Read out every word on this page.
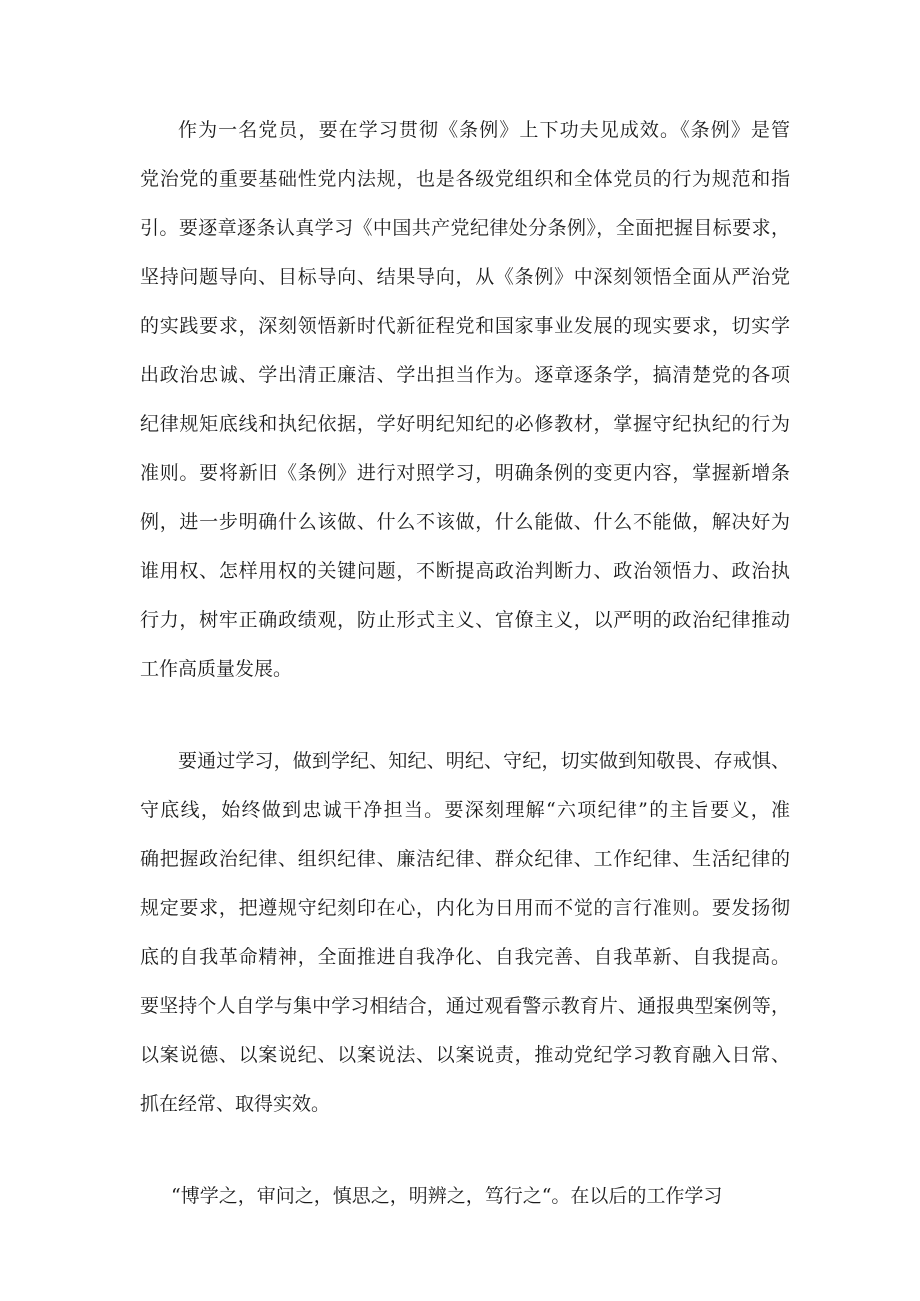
作为一名党员，要在学习贯彻《条例》上下功夫见成效。《条例》是管
党治党的重要基础性党内法规，也是各级党组织和全体党员的行为规范和指
引。要逐章逐条认真学习《中国共产党纪律处分条例》，全面把握目标要求，
坚持问题导向、目标导向、结果导向，从《条例》中深刻领悟全面从严治党
的实践要求，深刻领悟新时代新征程党和国家事业发展的现实要求，切实学
出政治忠诚、学出清正廉洁、学出担当作为。逐章逐条学，搞清楚党的各项
纪律规矩底线和执纪依据，学好明纪知纪的必修教材，掌握守纪执纪的行为
准则。要将新旧《条例》进行对照学习，明确条例的变更内容，掌握新增条
例，进一步明确什么该做、什么不该做，什么能做、什么不能做，解决好为
谁用权、怎样用权的关键问题，不断提高政治判断力、政治领悟力、政治执
行力，树牢正确政绩观，防止形式主义、官僚主义，以严明的政治纪律推动
工作高质量发展。
要通过学习，做到学纪、知纪、明纪、守纪，切实做到知敬畏、存戒惧、
守底线，始终做到忠诚干净担当。要深刻理解“六项纪律”的主旨要义，准
确把握政治纪律、组织纪律、廉洁纪律、群众纪律、工作纪律、生活纪律的
规定要求，把遵规守纪刻印在心，内化为日用而不觉的言行准则。要发扬彻
底的自我革命精神，全面推进自我净化、自我完善、自我革新、自我提高。
要坚持个人自学与集中学习相结合，通过观看警示教育片、通报典型案例等，
以案说德、以案说纪、以案说法、以案说责，推动党纪学习教育融入日常、
抓在经常、取得实效。
“博学之，审问之，慎思之，明辨之，笃行之“。在以后的工作学习
